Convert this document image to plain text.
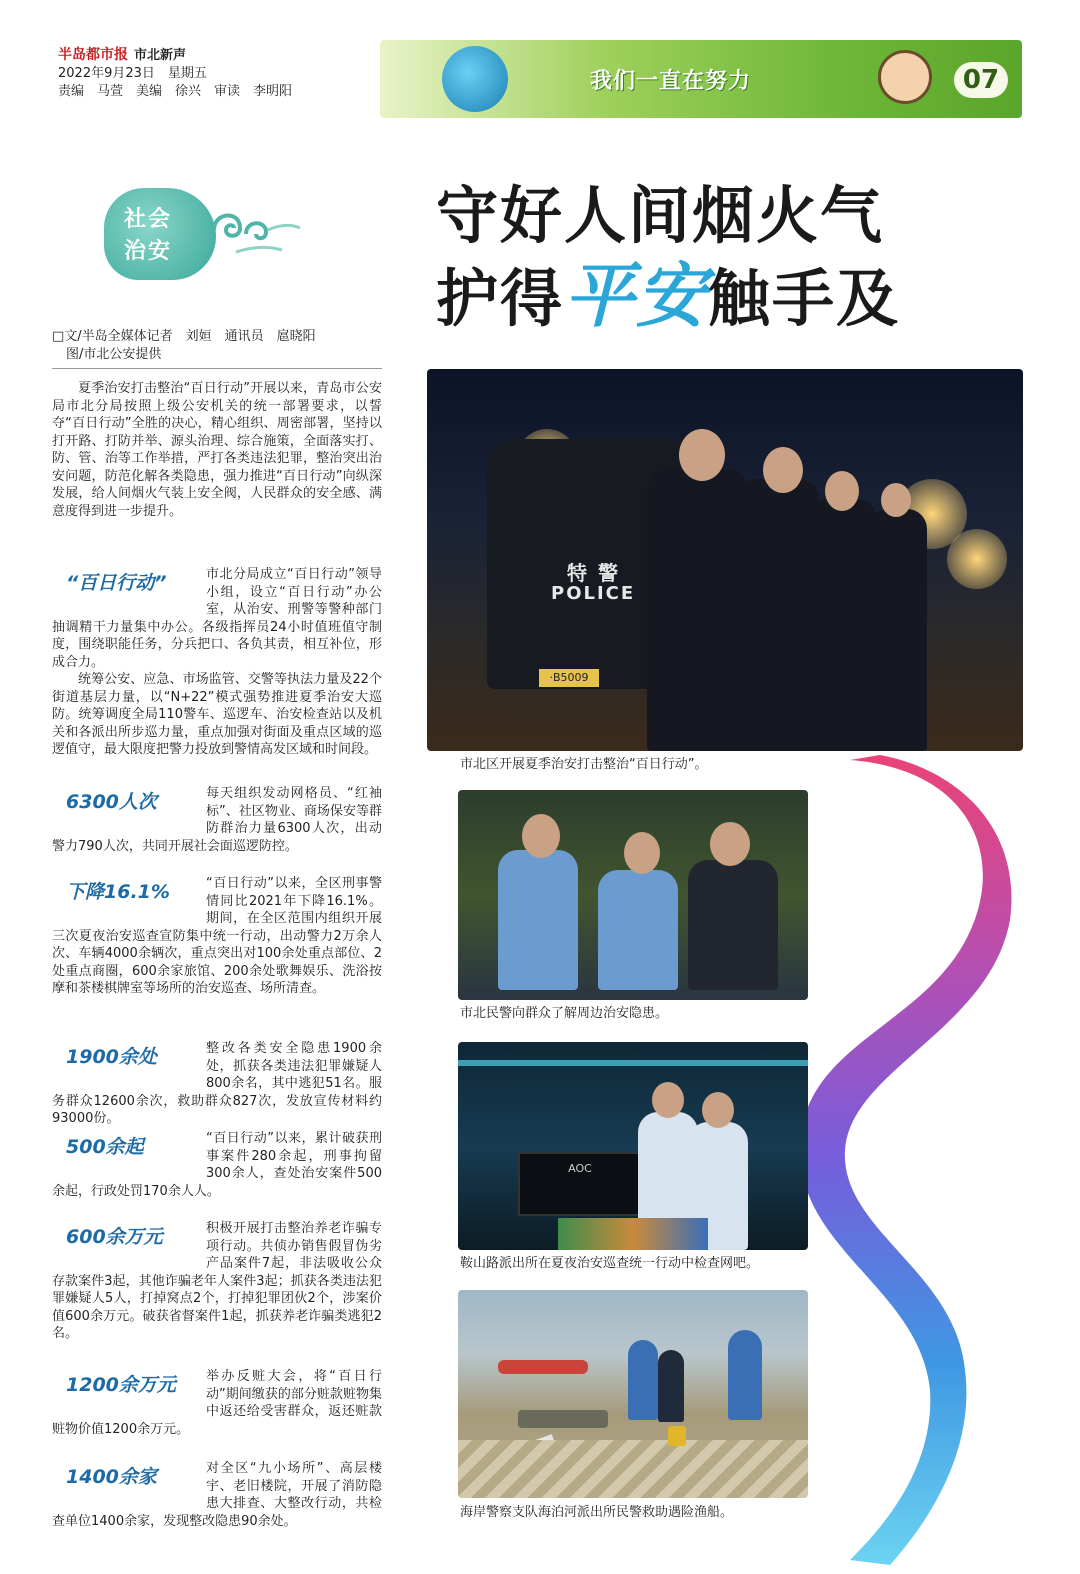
半岛都市报 市北新声
2022年9月23日　星期五
责编　马萱　美编　徐兴　审读　李明阳	我们一直在努力	07
社会
治安	守好人间烟火气
护得平安触手及
□文/半岛全媒体记者　刘姮　通讯员　扈晓阳
图/市北公安提供

夏季治安打击整治“百日行动”开展以来，青岛市公安局市北分局按照上级公安机关的统一部署要求，以誓夺“百日行动”全胜的决心，精心组织、周密部署，坚持以打开路、打防并举、源头治理、综合施策，全面落实打、防、管、治等工作举措，严打各类违法犯罪，整治突出治安问题，防范化解各类隐患，强力推进“百日行动”向纵深发展，给人间烟火气装上安全阀，人民群众的安全感、满意度得到进一步提升。

“百日行动”	市北分局成立“百日行动”领导小组，设立“百日行动”办公室，从治安、刑警等警种部门抽调精干力量集中办公。各级指挥员24小时值班值守制度，围绕职能任务，分兵把口、各负其责，相互补位，形成合力。

统筹公安、应急、市场监管、交警等执法力量及22个街道基层力量，以“N+22”模式强势推进夏季治安大巡防。统筹调度全局110警车、巡逻车、治安检查站以及机关和各派出所步巡力量，重点加强对街面及重点区域的巡逻值守，最大限度把警力投放到警情高发区域和时间段。

6300人次	每天组织发动网格员、“红袖标”、社区物业、商场保安等群防群治力量6300人次，出动警力790人次，共同开展社会面巡逻防控。

下降16.1%	“百日行动”以来，全区刑事警情同比2021年下降16.1%。期间，在全区范围内组织开展三次夏夜治安巡查宣防集中统一行动，出动警力2万余人次、车辆4000余辆次，重点突出对100余处重点部位、2处重点商圈，600余家旅馆、200余处歌舞娱乐、洗浴按摩和茶楼棋牌室等场所的治安巡查、场所清查。

1900余处	整改各类安全隐患1900余处，抓获各类违法犯罪嫌疑人800余名，其中逃犯51名。服务群众12600余次，救助群众827次，发放宣传材料约93000份。

500余起	“百日行动”以来，累计破获刑事案件280余起，刑事拘留300余人，查处治安案件500余起，行政处罚170余人人。

600余万元	积极开展打击整治养老诈骗专项行动。共侦办销售假冒伪劣产品案件7起，非法吸收公众存款案件3起，其他诈骗老年人案件3起；抓获各类违法犯罪嫌疑人5人，打掉窝点2个，打掉犯罪团伙2个，涉案价值600余万元。破获省督案件1起，抓获养老诈骗类逃犯2名。

1200余万元	举办反赃大会，将“百日行动”期间缴获的部分赃款赃物集中返还给受害群众，返还赃款赃物价值1200余万元。

1400余家	对全区“九小场所”、高层楼宇、老旧楼院，开展了消防隐患大排查、大整改行动，共检查单位1400余家，发现整改隐患90余处。

特 警
POLICE
·B5009
市北区开展夏季治安打击整治“百日行动”。
市北民警向群众了解周边治安隐患。
AOC
鞍山路派出所在夏夜治安巡查统一行动中检查网吧。
海岸警察支队海泊河派出所民警救助遇险渔船。
